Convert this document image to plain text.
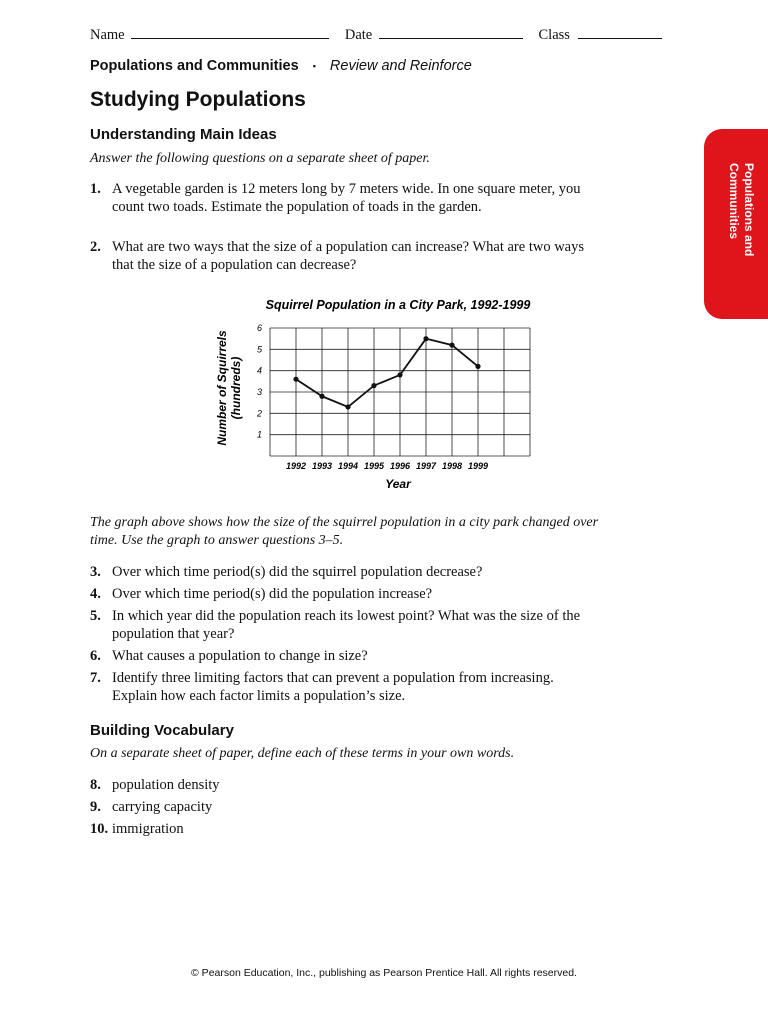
Name	Date	Class
Populations and Communities ▪ Review and Reinforce
Studying Populations
Populations and
Communities
Understanding Main Ideas
Answer the following questions on a separate sheet of paper.
1. A vegetable garden is 12 meters long by 7 meters wide. In one square meter, you count two toads. Estimate the population of toads in the garden.
2. What are two ways that the size of a population can increase? What are two ways that the size of a population can decrease?
Squirrel Population in a City Park, 1992-1999
1
2
3
4
5
6
1992 1993 1994 1995 1996 1997 1998 1999
Year
Number of Squirrels (hundreds)
The graph above shows how the size of the squirrel population in a city park changed over time. Use the graph to answer questions 3–5.
3. Over which time period(s) did the squirrel population decrease?
4. Over which time period(s) did the population increase?
5. In which year did the population reach its lowest point? What was the size of the population that year?
6. What causes a population to change in size?
7. Identify three limiting factors that can prevent a population from increasing. Explain how each factor limits a population’s size.
Building Vocabulary
On a separate sheet of paper, define each of these terms in your own words.
8. population density
9. carrying capacity
10. immigration
© Pearson Education, Inc., publishing as Pearson Prentice Hall. All rights reserved.
